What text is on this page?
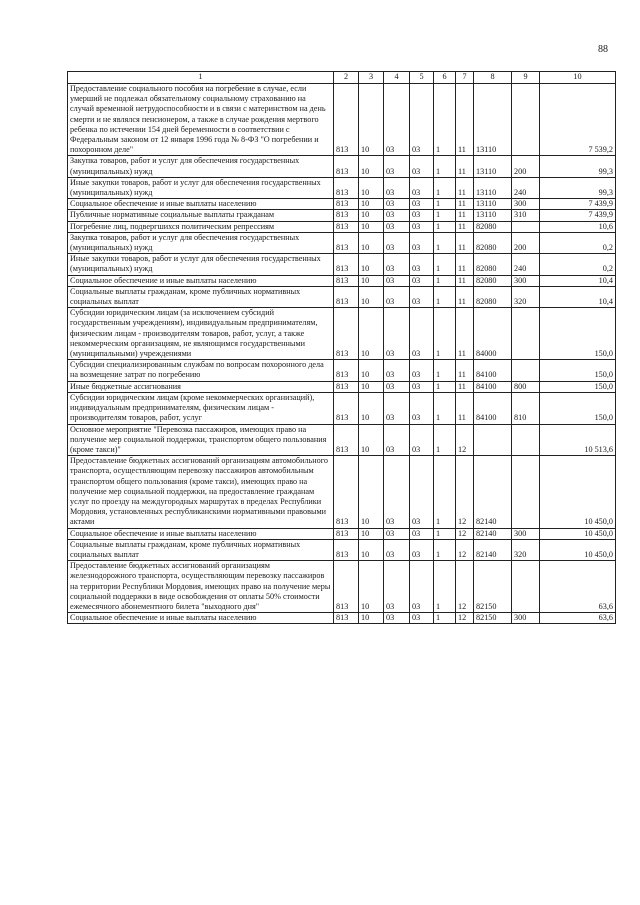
88
1	2	3	4	5	6	7	8	9	10
Предоставление социального пособия на погребение в случае, если умерший не подлежал обязательному социальному страхованию на случай временной нетрудоспособности и в связи с материнством на день смерти и не являлся пенсионером, а также в случае рождения мертвого ребенка по истечении 154 дней беременности в соответствии с Федеральным законом от 12 января 1996 года № 8-ФЗ "О погребении и похоронном деле"	813	10	03	03	1	11	13110		7 539,2
Закупка товаров, работ и услуг для обеспечения государственных (муниципальных) нужд	813	10	03	03	1	11	13110	200	99,3
Иные закупки товаров, работ и услуг для обеспечения государственных (муниципальных) нужд	813	10	03	03	1	11	13110	240	99,3
Социальное обеспечение и иные выплаты населению	813	10	03	03	1	11	13110	300	7 439,9
Публичные нормативные социальные выплаты гражданам	813	10	03	03	1	11	13110	310	7 439,9
Погребение лиц, подвергшихся политическим репрессиям	813	10	03	03	1	11	82080		10,6
Закупка товаров, работ и услуг для обеспечения государственных (муниципальных) нужд	813	10	03	03	1	11	82080	200	0,2
Иные закупки товаров, работ и услуг для обеспечения государственных (муниципальных) нужд	813	10	03	03	1	11	82080	240	0,2
Социальное обеспечение и иные выплаты населению	813	10	03	03	1	11	82080	300	10,4
Социальные выплаты гражданам, кроме публичных нормативных социальных выплат	813	10	03	03	1	11	82080	320	10,4
Субсидии юридическим лицам (за исключением субсидий государственным учреждениям), индивидуальным предпринимателям, физическим лицам - производителям товаров, работ, услуг, а также некоммерческим организациям, не являющимся государственными (муниципальными) учреждениями	813	10	03	03	1	11	84000		150,0
Субсидии специализированным службам по вопросам похоронного дела на возмещение затрат по погребению	813	10	03	03	1	11	84100		150,0
Иные бюджетные ассигнования	813	10	03	03	1	11	84100	800	150,0
Субсидии юридическим лицам (кроме некоммерческих организаций), индивидуальным предпринимателям, физическим лицам - производителям товаров, работ, услуг	813	10	03	03	1	11	84100	810	150,0
Основное мероприятие "Перевозка пассажиров, имеющих право на получение мер социальной поддержки, транспортом общего пользования (кроме такси)"	813	10	03	03	1	12			10 513,6
Предоставление бюджетных ассигнований организациям автомобильного транспорта, осуществляющим перевозку пассажиров автомобильным транспортом общего пользования (кроме такси), имеющих право на получение мер социальной поддержки, на предоставление гражданам услуг по проезду на междугородных маршрутах в пределах Республики Мордовия, установленных республиканскими нормативными правовыми актами	813	10	03	03	1	12	82140		10 450,0
Социальное обеспечение и иные выплаты населению	813	10	03	03	1	12	82140	300	10 450,0
Социальные выплаты гражданам, кроме публичных нормативных социальных выплат	813	10	03	03	1	12	82140	320	10 450,0
Предоставление бюджетных ассигнований организациям железнодорожного транспорта, осуществляющим перевозку пассажиров на территории Республики Мордовия, имеющих право на получение меры социальной поддержки в виде освобождения от оплаты 50% стоимости ежемесячного абонементного билета "выходного дня"	813	10	03	03	1	12	82150		63,6
Социальное обеспечение и иные выплаты населению	813	10	03	03	1	12	82150	300	63,6
